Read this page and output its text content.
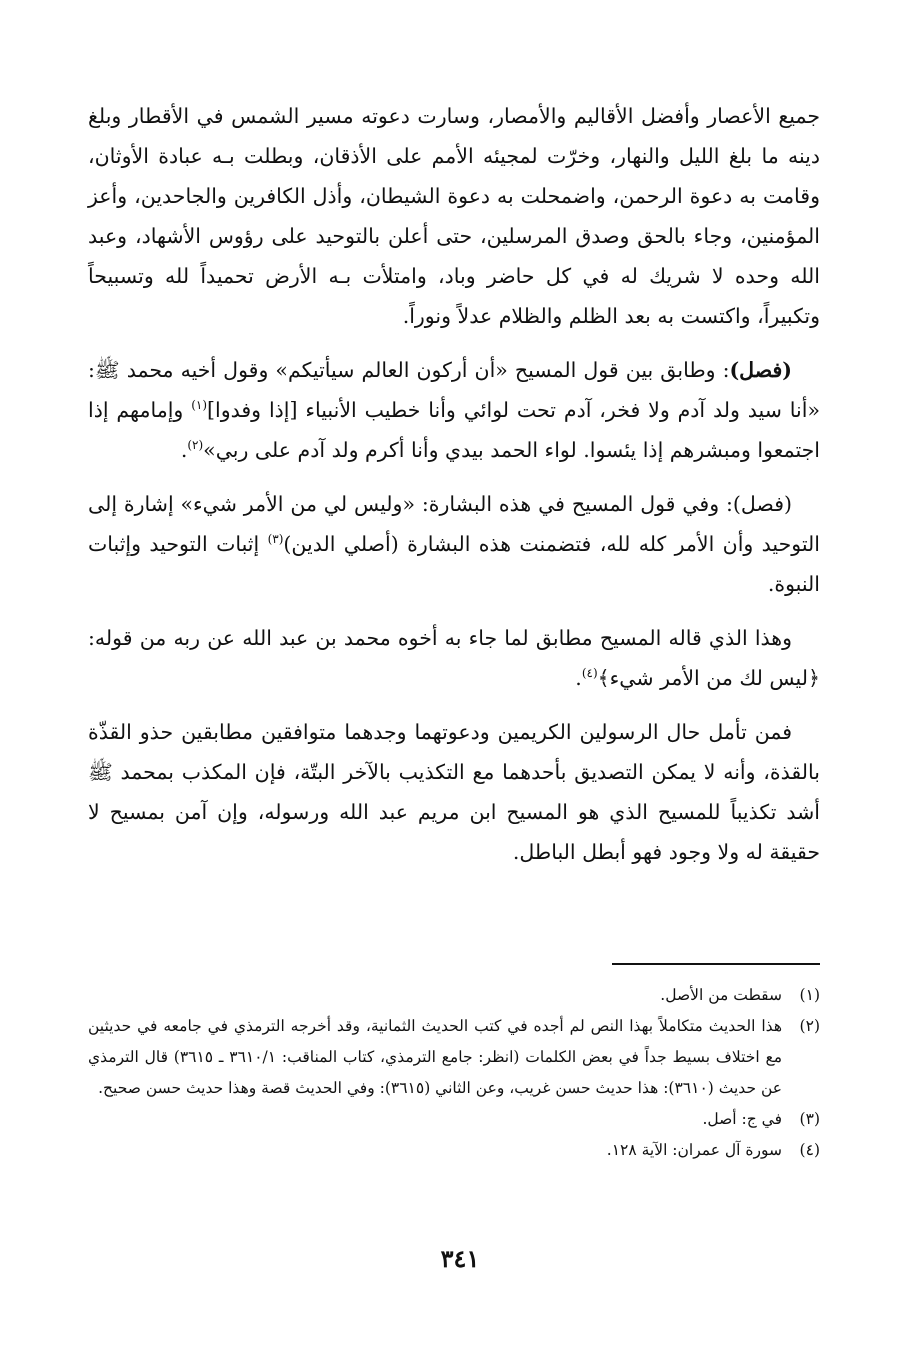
جميع الأعصار وأفضل الأقاليم والأمصار، وسارت دعوته مسير الشمس في الأقطار وبلغ دينه ما بلغ الليل والنهار، وخرّت لمجيئه الأمم على الأذقان، وبطلت بـه عبادة الأوثان، وقامت به دعوة الرحمن، واضمحلت به دعوة الشيطان، وأذل الكافرين والجاحدين، وأعز المؤمنين، وجاء بالحق وصدق المرسلين، حتى أعلن بالتوحيد على رؤوس الأشهاد، وعبد الله وحده لا شريك له في كل حاضر وباد، وامتلأت بـه الأرض تحميداً لله وتسبيحاً وتكبيراً، واكتست به بعد الظلم والظلام عدلاً ونوراً.

(فصل): وطابق بين قول المسيح «أن أركون العالم سيأتيكم» وقول أخيه محمد ﷺ: «أنا سيد ولد آدم ولا فخر، آدم تحت لوائي وأنا خطيب الأنبياء [إذا وفدوا]$^{(١)}$ وإمامهم إذا اجتمعوا ومبشرهم إذا يئسوا. لواء الحمد بيدي وأنا أكرم ولد آدم على ربي»$^{(٢)}$.

(فصل): وفي قول المسيح في هذه البشارة: «وليس لي من الأمر شيء» إشارة إلى التوحيد وأن الأمر كله لله، فتضمنت هذه البشارة (أصلي الدين)$^{(٣)}$ إثبات التوحيد وإثبات النبوة.

وهذا الذي قاله المسيح مطابق لما جاء به أخوه محمد بن عبد الله عن ربه من قوله: ﴿ليس لك من الأمر شيء﴾$^{(٤)}$.

فمن تأمل حال الرسولين الكريمين ودعوتهما وجدهما متوافقين مطابقين حذو القذّة بالقذة، وأنه لا يمكن التصديق بأحدهما مع التكذيب بالآخر البتّة، فإن المكذب بمحمد ﷺ أشد تكذيباً للمسيح الذي هو المسيح ابن مريم عبد الله ورسوله، وإن آمن بمسيح لا حقيقة له ولا وجود فهو أبطل الباطل.

(١)
سقطت من الأصل.
(٢)
هذا الحديث متكاملاً بهذا النص لم أجده في كتب الحديث الثمانية، وقد أخرجه الترمذي في جامعه في حديثين مع اختلاف بسيط جداً في بعض الكلمات (انظر: جامع الترمذي، كتاب المناقب: ٣٦١٠/١ ـ ٣٦١٥) قال الترمذي عن حديث (٣٦١٠): هذا حديث حسن غريب، وعن الثاني (٣٦١٥): وفي الحديث قصة وهذا حديث حسن صحيح.
(٣)
في ج: أصل.
(٤)
سورة آل عمران: الآية ١٢٨.
٣٤١
